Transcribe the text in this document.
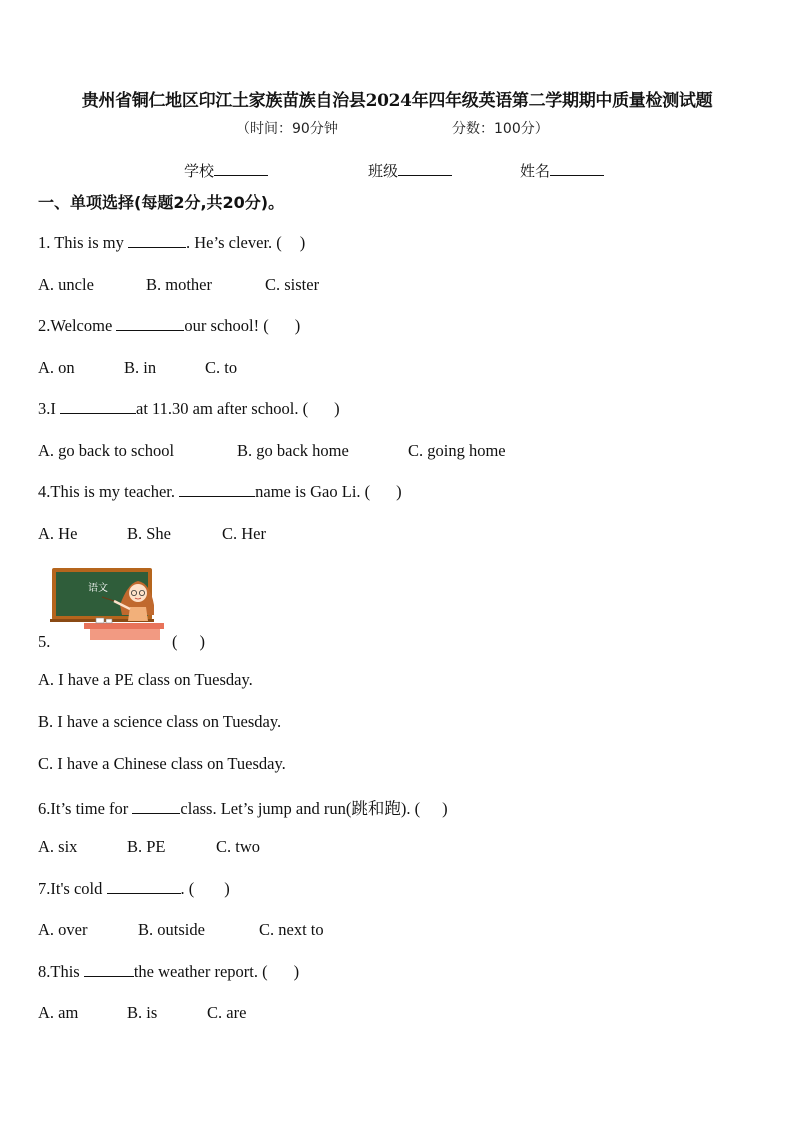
贵州省铜仁地区印江土家族苗族自治县2024年四年级英语第二学期期中质量检测试题
（时间：90分钟	分数：100分）
学校	班级	姓名
一、单项选择(每题2分,共20分)。
1. This is my	. He’s clever. ( )
A. uncle	B. mother	C. sister
2.Welcome	our school! ( )
A. on	B. in	C. to
3.I	at 11.30 am after school. ( )
A. go back to school	B. go back home	C. going home
4.This is my teacher.	name is Gao Li. ( )
A. He	B. She	C. Her
语文
5.	( )
A. I have a PE class on Tuesday.
B. I have a science class on Tuesday.
C. I have a Chinese class on Tuesday.
6.It’s time for	class. Let’s jump and run(跳和跑). ( )
A. six	B. PE	C. two
7.It's cold	. ( )
A. over	B. outside	C. next to
8.This	the weather report. ( )
A. am	B. is	C. are
